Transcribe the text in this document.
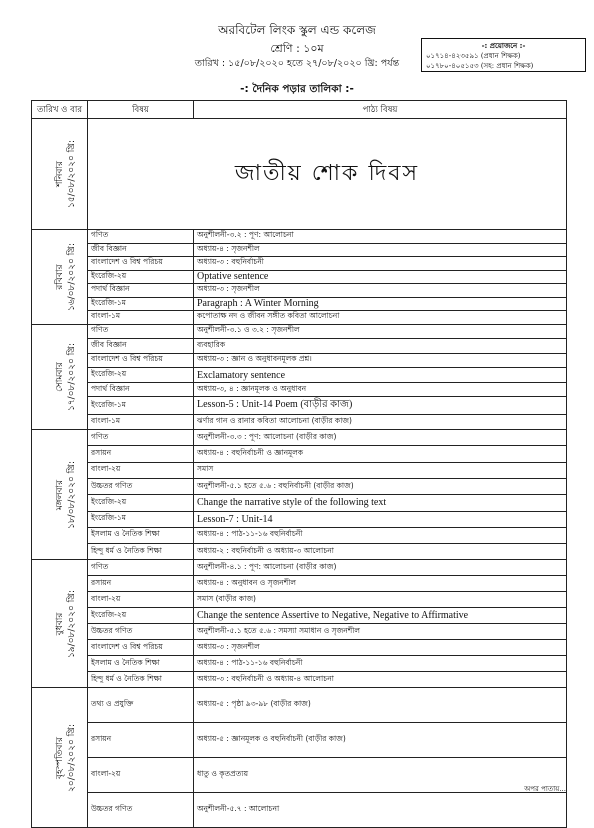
অরবিটেল লিংক স্কুল এন্ড কলেজ
শ্রেণি : ১০ম
তারিখ : ১৫/০৮/২০২০ হতে ২৭/০৮/২০২০ খ্রি: পর্যন্ত
-: দৈনিক পড়ার তালিকা :-
-: প্রয়োজনে :-
০১৭১৪-৪২৩৫৯১ (প্রধান শিক্ষক)
০১৭৮০-৪০৫১৫৩ (সহ: প্রধান শিক্ষক)
তারিখ ও বার	বিষয়	পাঠ্য বিষয়

শনিবার ১৫/০৮/২০২০ খ্রি:	জাতীয় শোক দিবস	

রবিবার ১৬/০৮/২০২০ খ্রি:	গণিত	অনুশীলনী-৩.২ : পূণ: আলোচনা
	জীব বিজ্ঞান	অধ্যায়-৪ : সৃজনশীল
	বাংলাদেশ ও বিশ্ব পরিচয়	অধ্যায়-৩ : বহুনির্বাচনী
	ইংরেজি-২য়	Optative sentence
	পদার্থ বিজ্ঞান	অধ্যায়-৩ : সৃজনশীল
	ইংরেজি-১ম	Paragraph : A Winter Morning
	বাংলা-১ম	কপোতাক্ষ নদ ও জীবন সঙ্গীত কবিতা আলোচনা

সোমবার ১৭/০৮/২০২০ খ্রি:	গণিত	অনুশীলনী-৩.১ ও ৩.২ : সৃজনশীল
	জীব বিজ্ঞান	ব্যবহারিক
	বাংলাদেশ ও বিশ্ব পরিচয়	অধ্যায়-৩ : জ্ঞান ও অনুধাবনমূলক প্রশ্ন।
	ইংরেজি-২য়	Exclamatory sentence
	পদার্থ বিজ্ঞান	অধ্যায়-৩, ৪ : জ্ঞানমূলক ও অনুধাবন
	ইংরেজি-১ম	Lesson-5 : Unit-14 Poem (বাড়ীর কাজ)
	বাংলা-১ম	ঝর্ণার গান ও রানার কবিতা আলোচনা (বাড়ীর কাজ)

মঙ্গলবার ১৮/০৮/২০২০ খ্রি:	গণিত	অনুশীলনী-৩.৩ : পূণ: আলোচনা (বাড়ীর কাজ)
	রসায়ন	অধ্যায়-৪ : বহুনির্বাচনী ও জ্ঞানমূলক
	বাংলা-২য়	সমাস
	উচ্চতর গণিত	অনুশীলনী-৫.১ হতে ৫.৬ : বহুনির্বাচনী (বাড়ীর কাজ)
	ইংরেজি-২য়	Change the narrative style of the following text
	ইংরেজি-১ম	Lesson-7 : Unit-14
	ইসলাম ও নৈতিক শিক্ষা	অধ্যায়-৪ : পাঠ-১১-১৬ বহুনির্বাচনী
	হিন্দু ধর্ম ও নৈতিক শিক্ষা	অধ্যায়-২ : বহুনির্বাচনী ও অধ্যায়-৩ আলোচনা

বুধবার ১৯/০৮/২০২০ খ্রি:	গণিত	অনুশীলনী-৪.১ : পূণ: আলোচনা (বাড়ীর কাজ)
	রসায়ন	অধ্যায়-৪ : অনুধাবন ও সৃজনশীল
	বাংলা-২য়	সমাস (বাড়ীর কাজ)
	ইংরেজি-২য়	Change the sentence Assertive to Negative, Negative to Affirmative
	উচ্চতর গণিত	অনুশীলনী-৫.১ হতে ৫.৬ : সমস্যা সমাধান ও সৃজনশীল
	বাংলাদেশ ও বিশ্ব পরিচয়	অধ্যায়-৩ : সৃজনশীল
	ইসলাম ও নৈতিক শিক্ষা	অধ্যায়-৪ : পাঠ-১১-১৬ বহুনির্বাচনী
	হিন্দু ধর্ম ও নৈতিক শিক্ষা	অধ্যায়-৩ : বহুনির্বাচনী ও অধ্যায়-৪ আলোচনা

বৃহস্পতিবার ২০/০৮/২০২০ খ্রি:	তথ্য ও প্রযুক্তি	অধ্যায়-৫ : পৃষ্ঠা ৯৩-৯৮ (বাড়ীর কাজ)
	রসায়ন	অধ্যায়-৫ : জ্ঞানমূলক ও বহুনির্বাচনী (বাড়ীর কাজ)
	বাংলা-২য়	ধাতু ও কৃতপ্রত্যয়
	উচ্চতর গণিত	অনুশীলনী-৫.৭ : আলোচনা
অপর পাতায়...
